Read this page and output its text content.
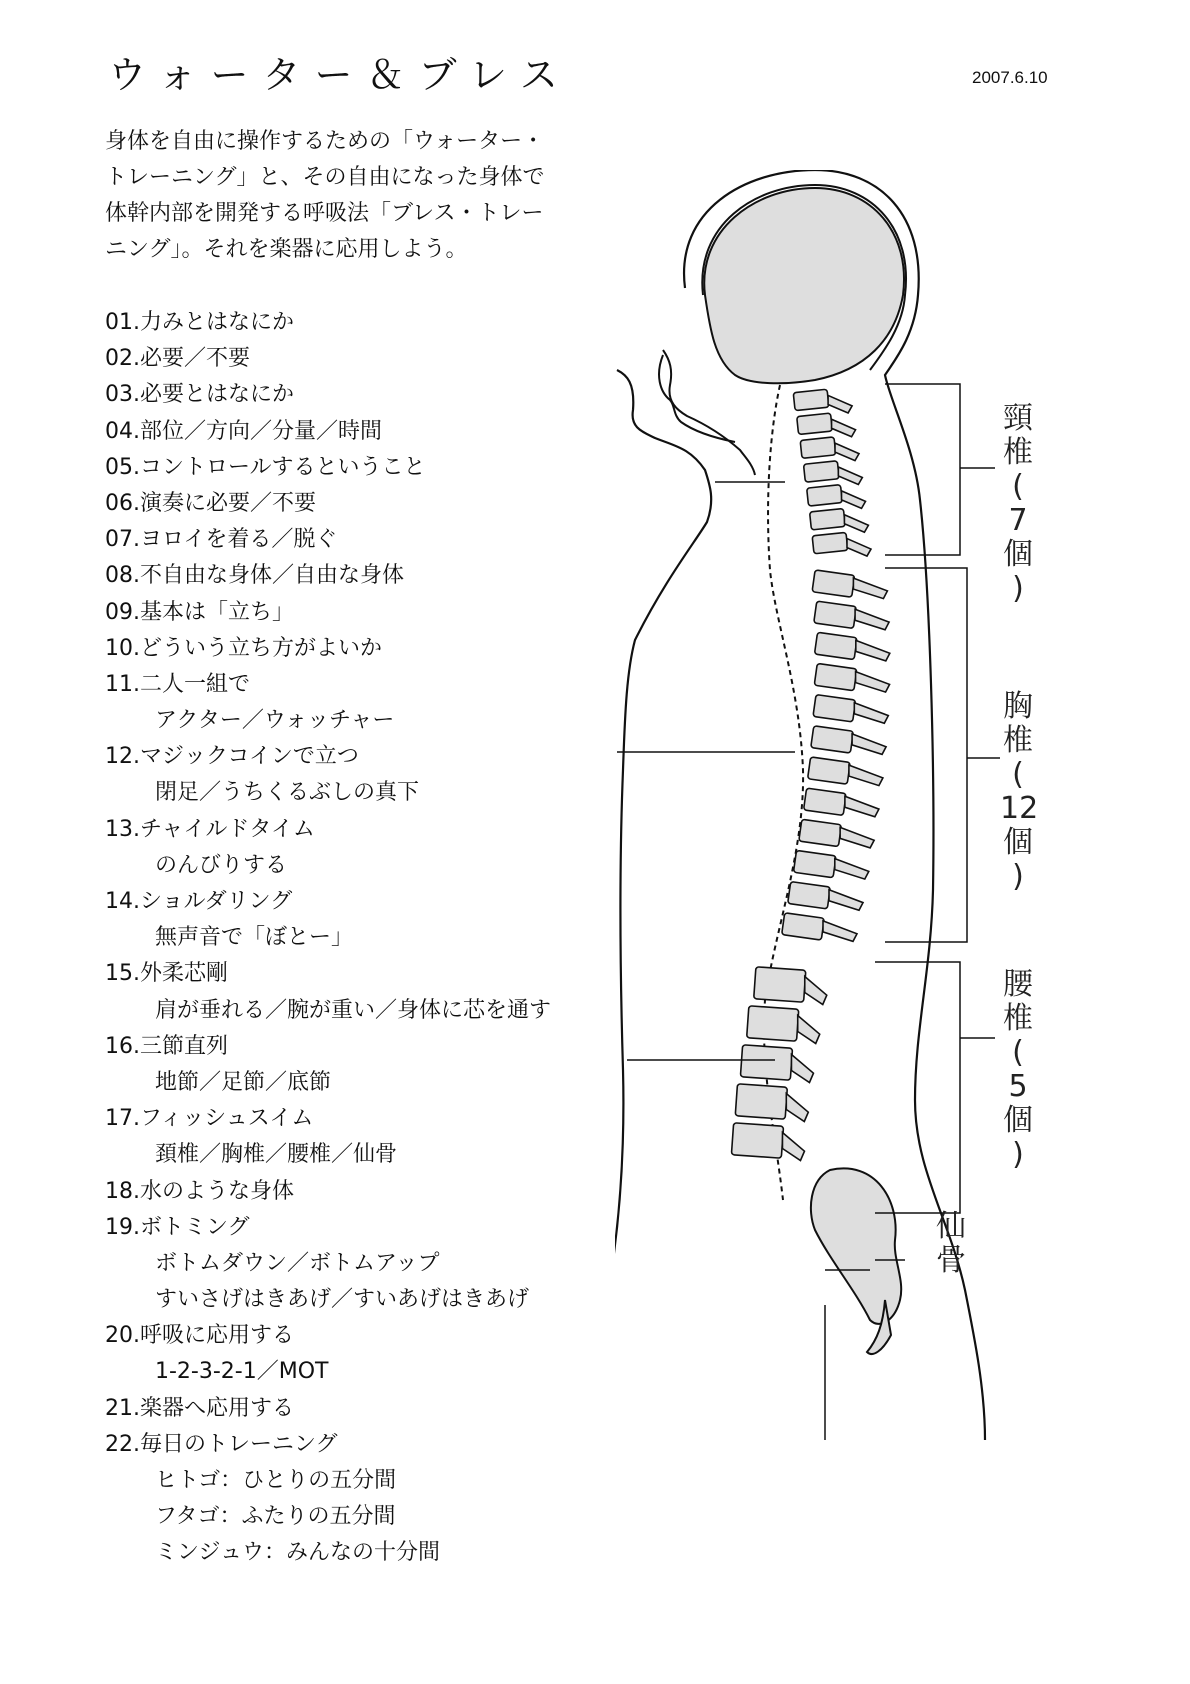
ウォーター＆ブレス	2007.6.10
身体を自由に操作するための「ウォーター・
トレーニング」と、その自由になった身体で
体幹内部を開発する呼吸法「ブレス・トレー
ニング」。それを楽器に応用しよう。
01.力みとはなにか
02.必要／不要
03.必要とはなにか
04.部位／方向／分量／時間
05.コントロールするということ
06.演奏に必要／不要
07.ヨロイを着る／脱ぐ
08.不自由な身体／自由な身体
09.基本は「立ち」
10.どういう立ち方がよいか
11.二人一組で
アクター／ウォッチャー
12.マジックコインで立つ
閉足／うちくるぶしの真下
13.チャイルドタイム
のんびりする
14.ショルダリング
無声音で「ぼとー」
15.外柔芯剛
肩が垂れる／腕が重い／身体に芯を通す
16.三節直列
地節／足節／底節
17.フィッシュスイム
頚椎／胸椎／腰椎／仙骨
18.水のような身体
19.ボトミング
ボトムダウン／ボトムアップ
すいさげはきあげ／すいあげはきあげ
20.呼吸に応用する
1-2-3-2-1／MOT
21.楽器へ応用する
22.毎日のトレーニング
ヒトゴ：ひとりの五分間
フタゴ：ふたりの五分間
ミンジュウ：みんなの十分間
頸
椎
(
7
個
)
胸
椎
(
12
個
)
腰
椎
(
5
個
)
仙
骨
